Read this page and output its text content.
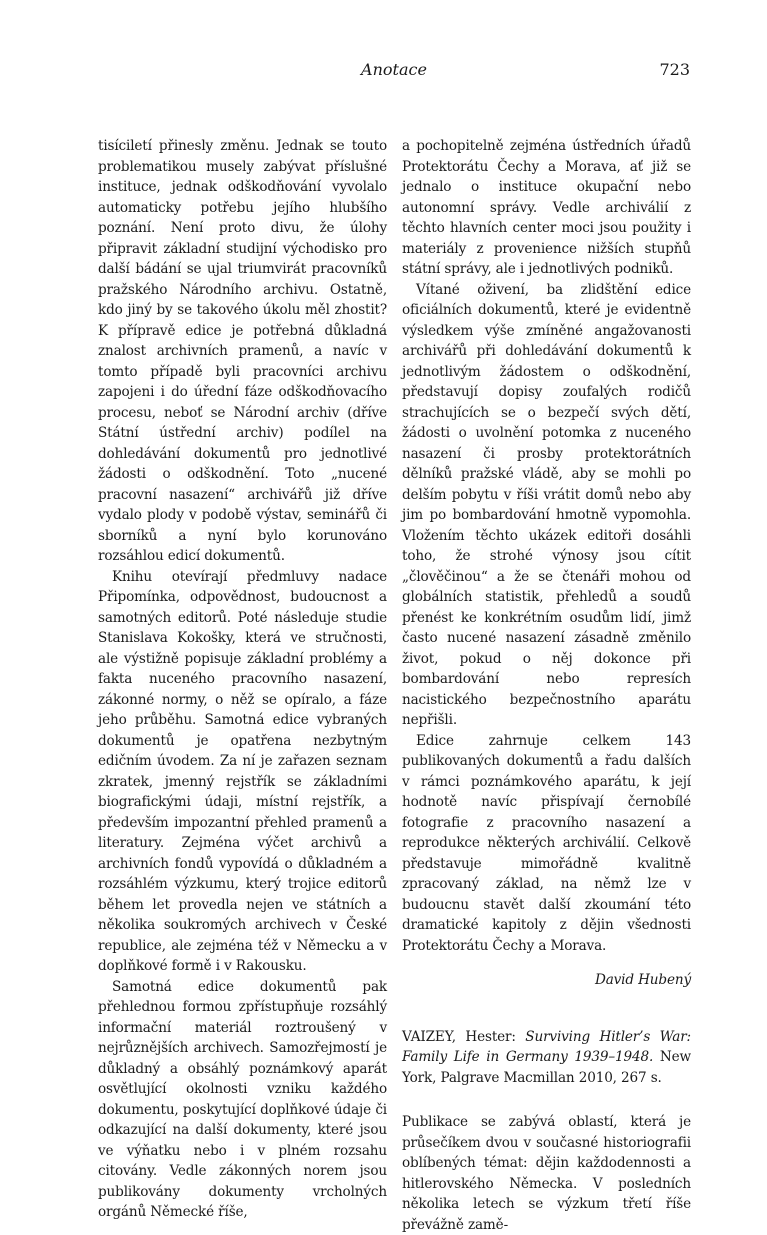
Anotace	723

tisíciletí přinesly změnu. Jednak se touto problematikou musely zabývat příslušné instituce, jednak odškodňování vyvolalo automaticky potřebu jejího hlubšího poznání. Není proto divu, že úlohy připravit základní studijní východisko pro další bádání se ujal triumvirát pracovníků pražského Národního archivu. Ostatně, kdo jiný by se takového úkolu měl zhostit? K přípravě edice je potřebná důkladná znalost archivních pramenů, a navíc v tomto případě byli pracovníci archivu zapojeni i do úřední fáze odškodňovacího procesu, neboť se Národní archiv (dříve Státní ústřední archiv) podílel na dohledávání dokumentů pro jednotlivé žádosti o odškodnění. Toto „nucené pracovní nasazení“ archivářů již dříve vydalo plody v podobě výstav, seminářů či sborníků a nyní bylo korunováno rozsáhlou edicí dokumentů.

Knihu otevírají předmluvy nadace Připomínka, odpovědnost, budoucnost a samotných editorů. Poté následuje studie Stanislava Kokošky, která ve stručnosti, ale výstižně popisuje základní problémy a fakta nuceného pracovního nasazení, zákonné normy, o něž se opíralo, a fáze jeho průběhu. Samotná edice vybraných dokumentů je opatřena nezbytným edičním úvodem. Za ní je zařazen seznam zkratek, jmenný rejstřík se základními biografickými údaji, místní rejstřík, a především impozantní přehled pramenů a literatury. Zejména výčet archivů a archivních fondů vypovídá o důkladném a rozsáhlém výzkumu, který trojice editorů během let provedla nejen ve státních a několika soukromých archivech v České republice, ale zejména též v Německu a v doplňkové formě i v Rakousku.

Samotná edice dokumentů pak přehlednou formou zpřístupňuje rozsáhlý informační materiál roztroušený v nejrůznějších archivech. Samozřejmostí je důkladný a obsáhlý poznámkový aparát osvětlující okolnosti vzniku každého dokumentu, poskytující doplňkové údaje či odkazující na další dokumenty, které jsou ve výňatku nebo i v plném rozsahu citovány. Vedle zákonných norem jsou publikovány dokumenty vrcholných orgánů Německé říše,

a pochopitelně zejména ústředních úřadů Protektorátu Čechy a Morava, ať již se jednalo o instituce okupační nebo autonomní správy. Vedle archiválií z těchto hlavních center moci jsou použity i materiály z provenience nižších stupňů státní správy, ale i jednotlivých podniků.

Vítané oživení, ba zlidštění edice oficiálních dokumentů, které je evidentně výsledkem výše zmíněné angažovanosti archivářů při dohledávání dokumentů k jednotlivým žádostem o odškodnění, představují dopisy zoufalých rodičů strachujících se o bezpečí svých dětí, žádosti o uvolnění potomka z nuceného nasazení či prosby protektorátních dělníků pražské vládě, aby se mohli po delším pobytu v říši vrátit domů nebo aby jim po bombardování hmotně vypomohla. Vložením těchto ukázek editoři dosáhli toho, že strohé výnosy jsou cítit „člověčinou“ a že se čtenáři mohou od globálních statistik, přehledů a soudů přenést ke konkrétním osudům lidí, jimž často nucené nasazení zásadně změnilo život, pokud o něj dokonce při bombardování nebo represích nacistického bezpečnostního aparátu nepřišli.

Edice zahrnuje celkem 143 publikovaných dokumentů a řadu dalších v rámci poznámkového aparátu, k její hodnotě navíc přispívají černobílé fotografie z pracovního nasazení a reprodukce některých archiválií. Celkově představuje mimořádně kvalitně zpracovaný základ, na němž lze v budoucnu stavět další zkoumání této dramatické kapitoly z dějin všednosti Protektorátu Čechy a Morava.

David Hubený

VAIZEY, Hester: Surviving Hitler’s War: Family Life in Germany 1939–1948. New York, Palgrave Macmillan 2010, 267 s.

Publikace se zabývá oblastí, která je průsečíkem dvou v současné historiografii oblíbených témat: dějin každodennosti a hitlerovského Německa. V posledních několika letech se výzkum třetí říše převážně zamě-
